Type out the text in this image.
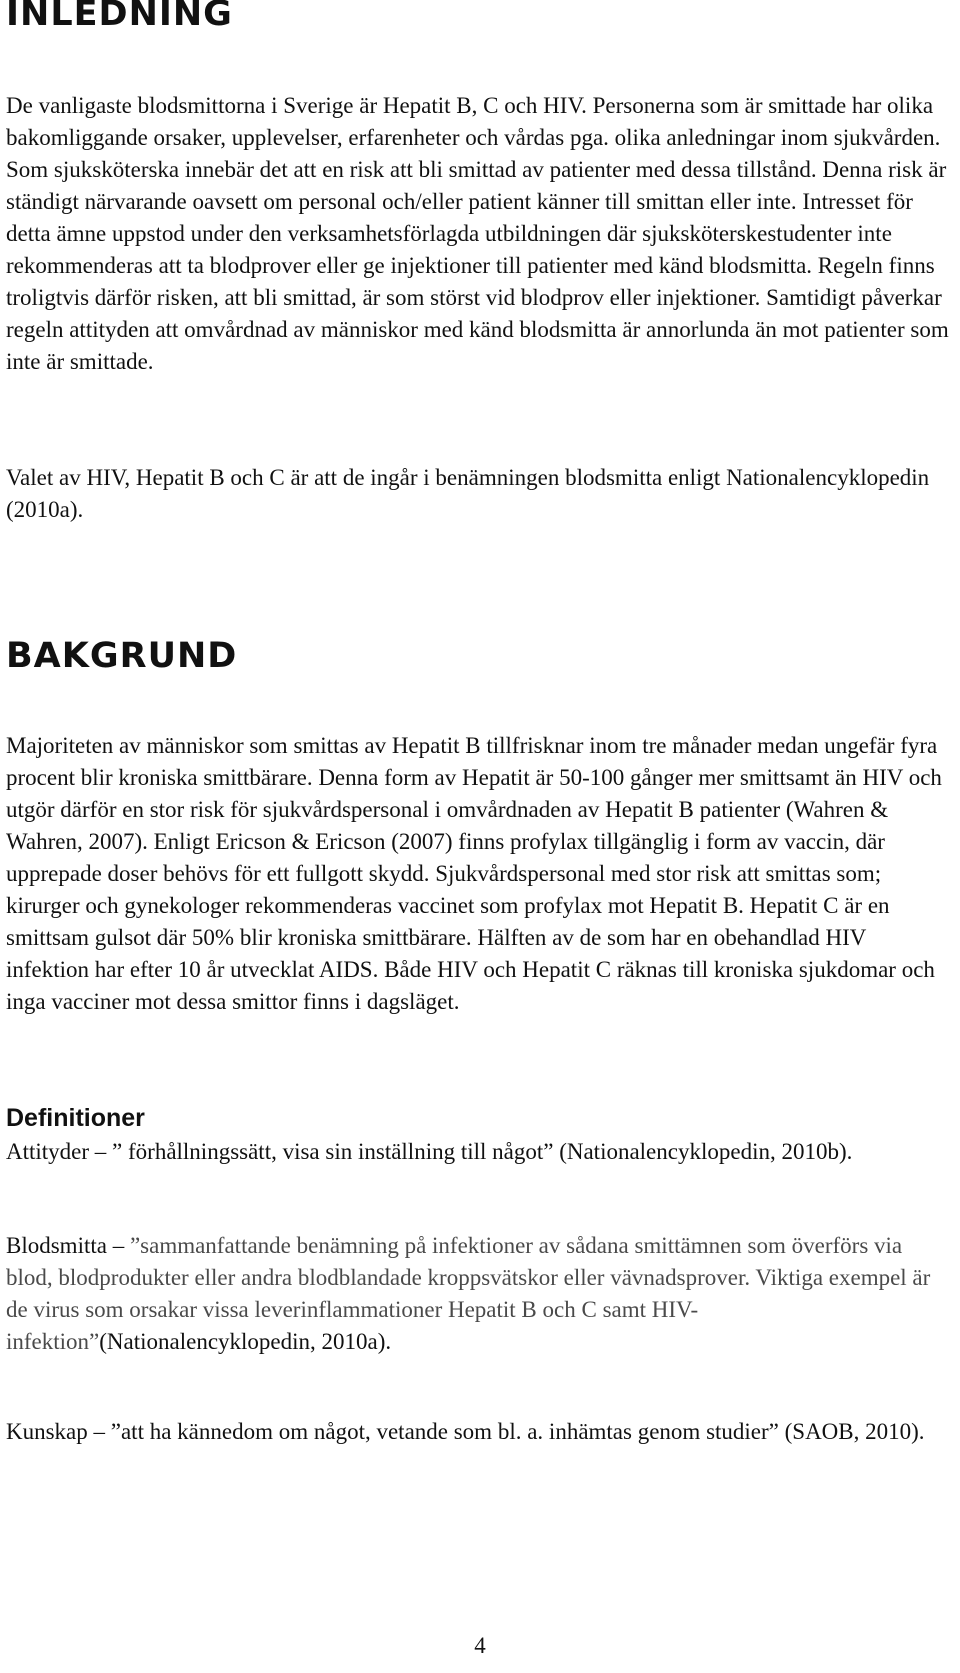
INLEDNING

De vanligaste blodsmittorna i Sverige är Hepatit B, C och HIV. Personerna som är smittade har olika bakomliggande orsaker, upplevelser, erfarenheter och vårdas pga. olika anledningar inom sjukvården. Som sjuksköterska innebär det att en risk att bli smittad av patienter med dessa tillstånd. Denna risk är ständigt närvarande oavsett om personal och/eller patient känner till smittan eller inte. Intresset för detta ämne uppstod under den verksamhetsförlagda utbildningen där sjuksköterskestudenter inte rekommenderas att ta blodprover eller ge injektioner till patienter med känd blodsmitta. Regeln finns troligtvis därför risken, att bli smittad, är som störst vid blodprov eller injektioner. Samtidigt påverkar regeln attityden att omvårdnad av människor med känd blodsmitta är annorlunda än mot patienter som inte är smittade.

Valet av HIV, Hepatit B och C är att de ingår i benämningen blodsmitta enligt Nationalencyklopedin (2010a).

BAKGRUND

Majoriteten av människor som smittas av Hepatit B tillfrisknar inom tre månader medan ungefär fyra procent blir kroniska smittbärare. Denna form av Hepatit är 50-100 gånger mer smittsamt än HIV och utgör därför en stor risk för sjukvårdspersonal i omvårdnaden av Hepatit B patienter (Wahren & Wahren, 2007). Enligt Ericson & Ericson (2007) finns profylax tillgänglig i form av vaccin, där upprepade doser behövs för ett fullgott skydd. Sjukvårdspersonal med stor risk att smittas som; kirurger och gynekologer rekommenderas vaccinet som profylax mot Hepatit B. Hepatit C är en smittsam gulsot där 50% blir kroniska smittbärare. Hälften av de som har en obehandlad HIV infektion har efter 10 år utvecklat AIDS. Både HIV och Hepatit C räknas till kroniska sjukdomar och inga vacciner mot dessa smittor finns i dagsläget.

Definitioner

Attityder – ” förhållningssätt, visa sin inställning till något” (Nationalencyklopedin, 2010b).

Blodsmitta – ”sammanfattande benämning på infektioner av sådana smittämnen som överförs via blod, blodprodukter eller andra blodblandade kroppsvätskor eller vävnadsprover. Viktiga exempel är de virus som orsakar vissa leverinflammationer Hepatit B och C samt HIV-infektion”(Nationalencyklopedin, 2010a).

Kunskap – ”att ha kännedom om något, vetande som bl. a. inhämtas genom studier” (SAOB, 2010).

4
